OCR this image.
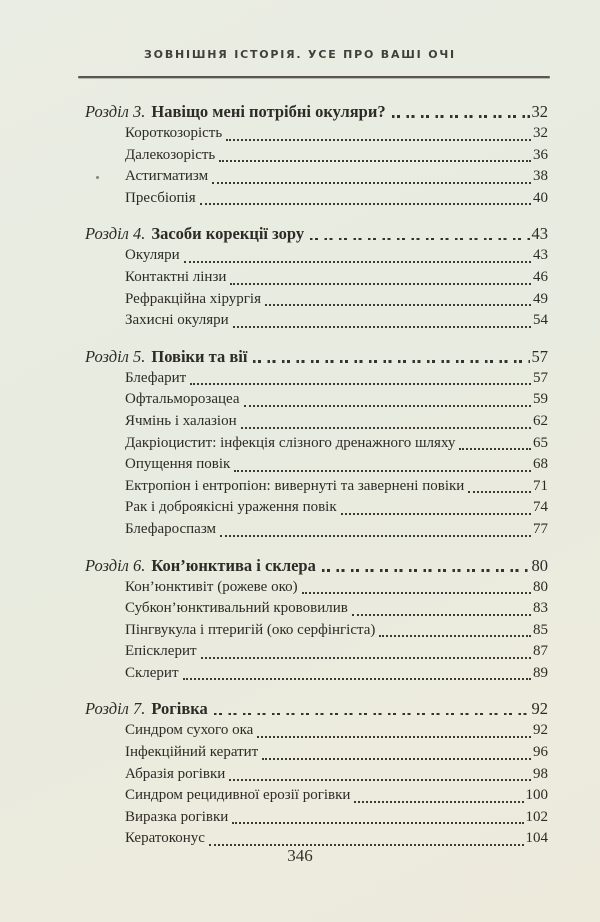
ЗОВНІШНЯ ІСТОРІЯ. УСЕ ПРО ВАШІ ОЧІ
Розділ 3. Навіщо мені потрібні окуляри?	32
Короткозорість	32
Далекозорість	36
Астигматизм	38
Пресбіопія	40
Розділ 4. Засоби корекції зору	43
Окуляри	43
Контактні лінзи	46
Рефракційна хірургія	49
Захисні окуляри	54
Розділ 5. Повіки та вії	57
Блефарит	57
Офтальморозацеа	59
Ячмінь і халазіон	62
Дакріоцистит: інфекція слізного дренажного шляху	65
Опущення повік	68
Ектропіон і ентропіон: вивернуті та завернені повіки	71
Рак і доброякісні ураження повік	74
Блефароспазм	77
Розділ 6. Кон’юнктива і склера	80
Кон’юнктивіт (рожеве око)	80
Субкон’юнктивальний крововилив	83
Пінгвукула і птеригій (око серфінгіста)	85
Епісклерит	87
Склерит	89
Розділ 7. Рогівка	92
Синдром сухого ока	92
Інфекційний кератит	96
Абразія рогівки	98
Синдром рецидивної ерозії рогівки	100
Виразка рогівки	102
Кератоконус	104
346
